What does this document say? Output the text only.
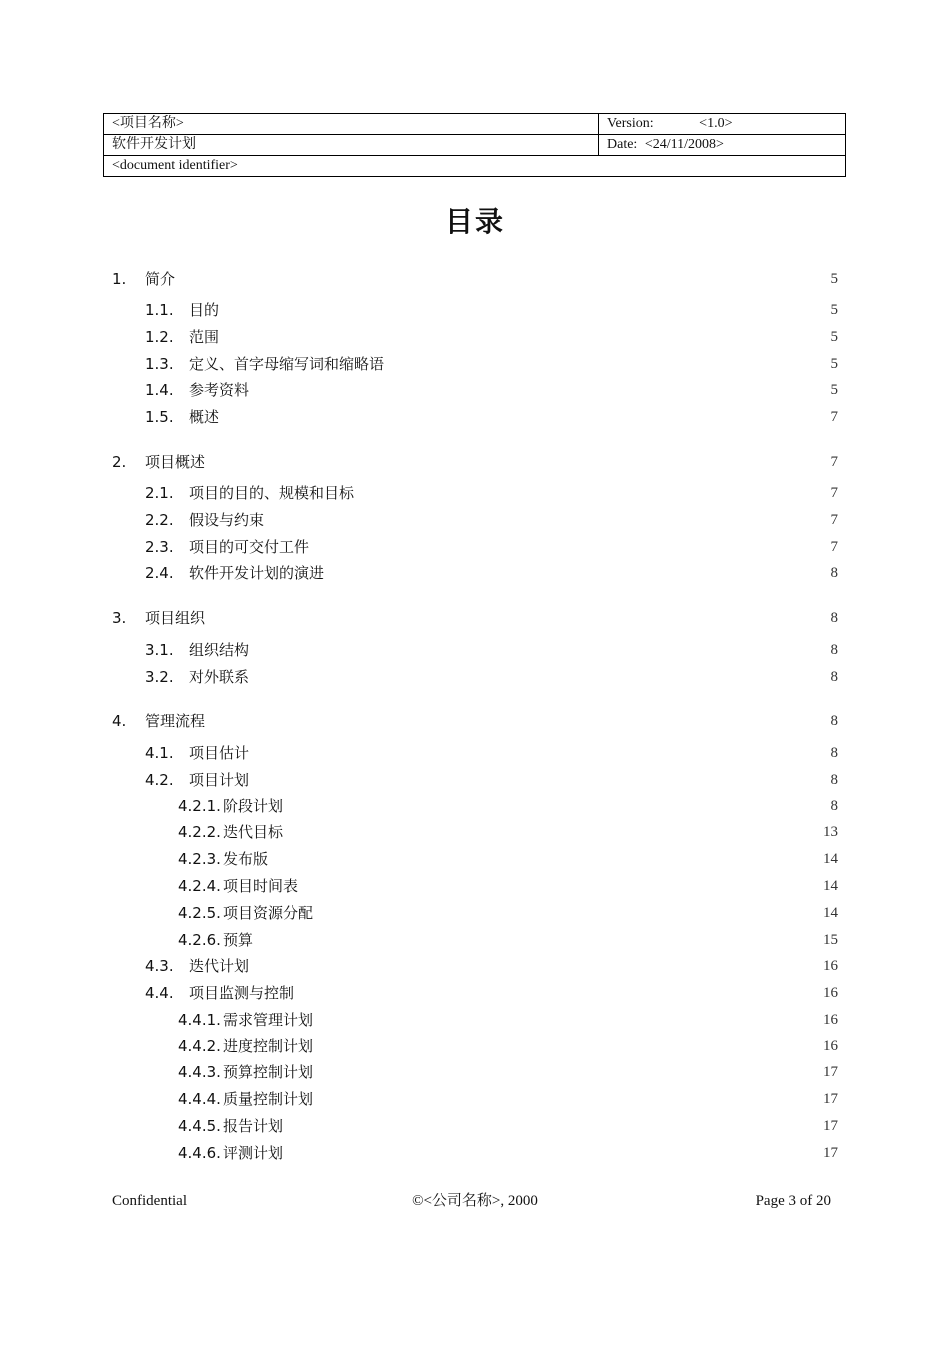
<项目名称>	Version: <1.0>
软件开发计划	Date: <24/11/2008>
<document identifier>	
目录
1. 简介	5
1.1. 目的	5
1.2. 范围	5
1.3. 定义、首字母缩写词和缩略语	5
1.4. 参考资料	5
1.5. 概述	7
2. 项目概述	7
2.1. 项目的目的、规模和目标	7
2.2. 假设与约束	7
2.3. 项目的可交付工件	7
2.4. 软件开发计划的演进	8
3. 项目组织	8
3.1. 组织结构	8
3.2. 对外联系	8
4. 管理流程	8
4.1. 项目估计	8
4.2. 项目计划	8
4.2.1. 阶段计划	8
4.2.2. 迭代目标	13
4.2.3. 发布版	14
4.2.4. 项目时间表	14
4.2.5. 项目资源分配	14
4.2.6. 预算	15
4.3. 迭代计划	16
4.4. 项目监测与控制	16
4.4.1. 需求管理计划	16
4.4.2. 进度控制计划	16
4.4.3. 预算控制计划	17
4.4.4. 质量控制计划	17
4.4.5. 报告计划	17
4.4.6. 评测计划	17
Confidential	©<公司名称>, 2000	Page 3 of 20
